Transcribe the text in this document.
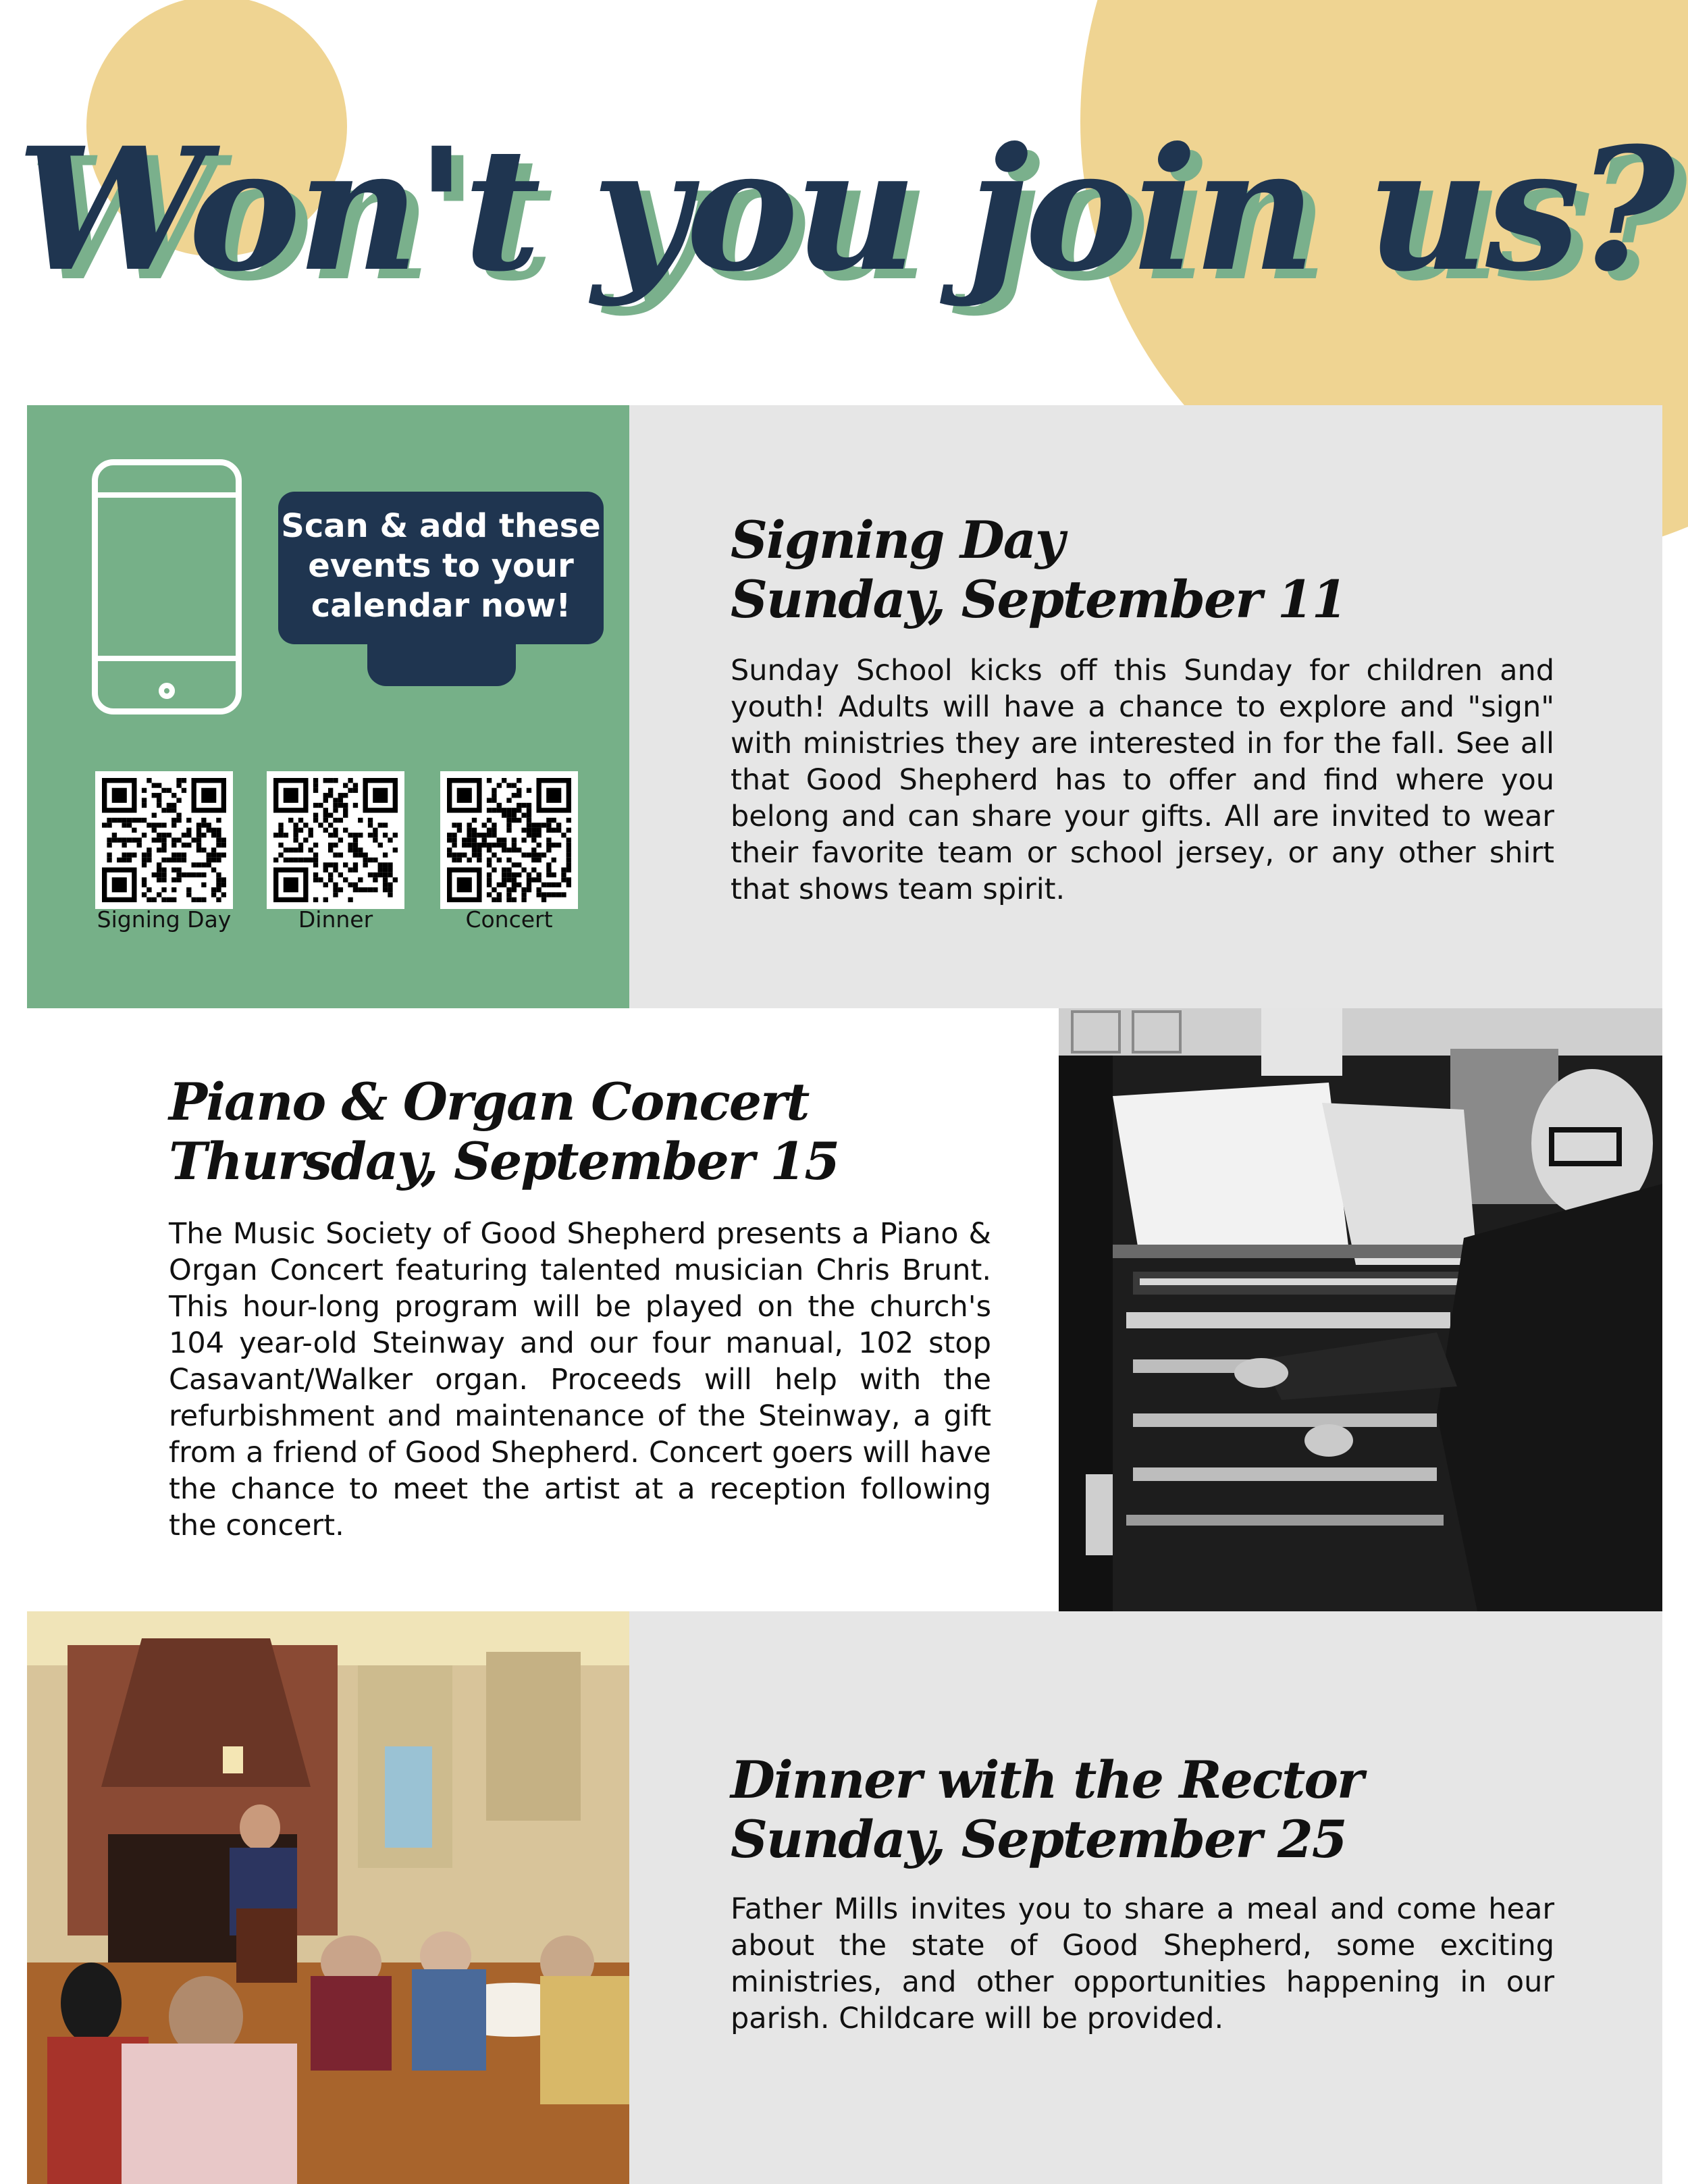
Won't you join us?
Scan & add these events to your calendar now!
Signing Day	Dinner	Concert
Signing Day
Sunday, September 11
Sunday School kicks off this Sunday for children and youth! Adults will have a chance to explore and "sign" with ministries they are interested in for the fall. See all that Good Shepherd has to offer and find where you belong and can share your gifts. All are invited to wear their favorite team or school jersey, or any other shirt that shows team spirit.
Piano & Organ Concert
Thursday, September 15
The Music Society of Good Shepherd presents a Piano & Organ Concert featuring talented musician Chris Brunt. This hour-long program will be played on the church's 104 year-old Steinway and our four manual, 102 stop Casavant/Walker organ. Proceeds will help with the refurbishment and maintenance of the Steinway, a gift from a friend of Good Shepherd. Concert goers will have the chance to meet the artist at a reception following the concert.
Dinner with the Rector
Sunday, September 25
Father Mills invites you to share a meal and come hear about the state of Good Shepherd, some exciting ministries, and other opportunities happening in our parish. Childcare will be provided.
